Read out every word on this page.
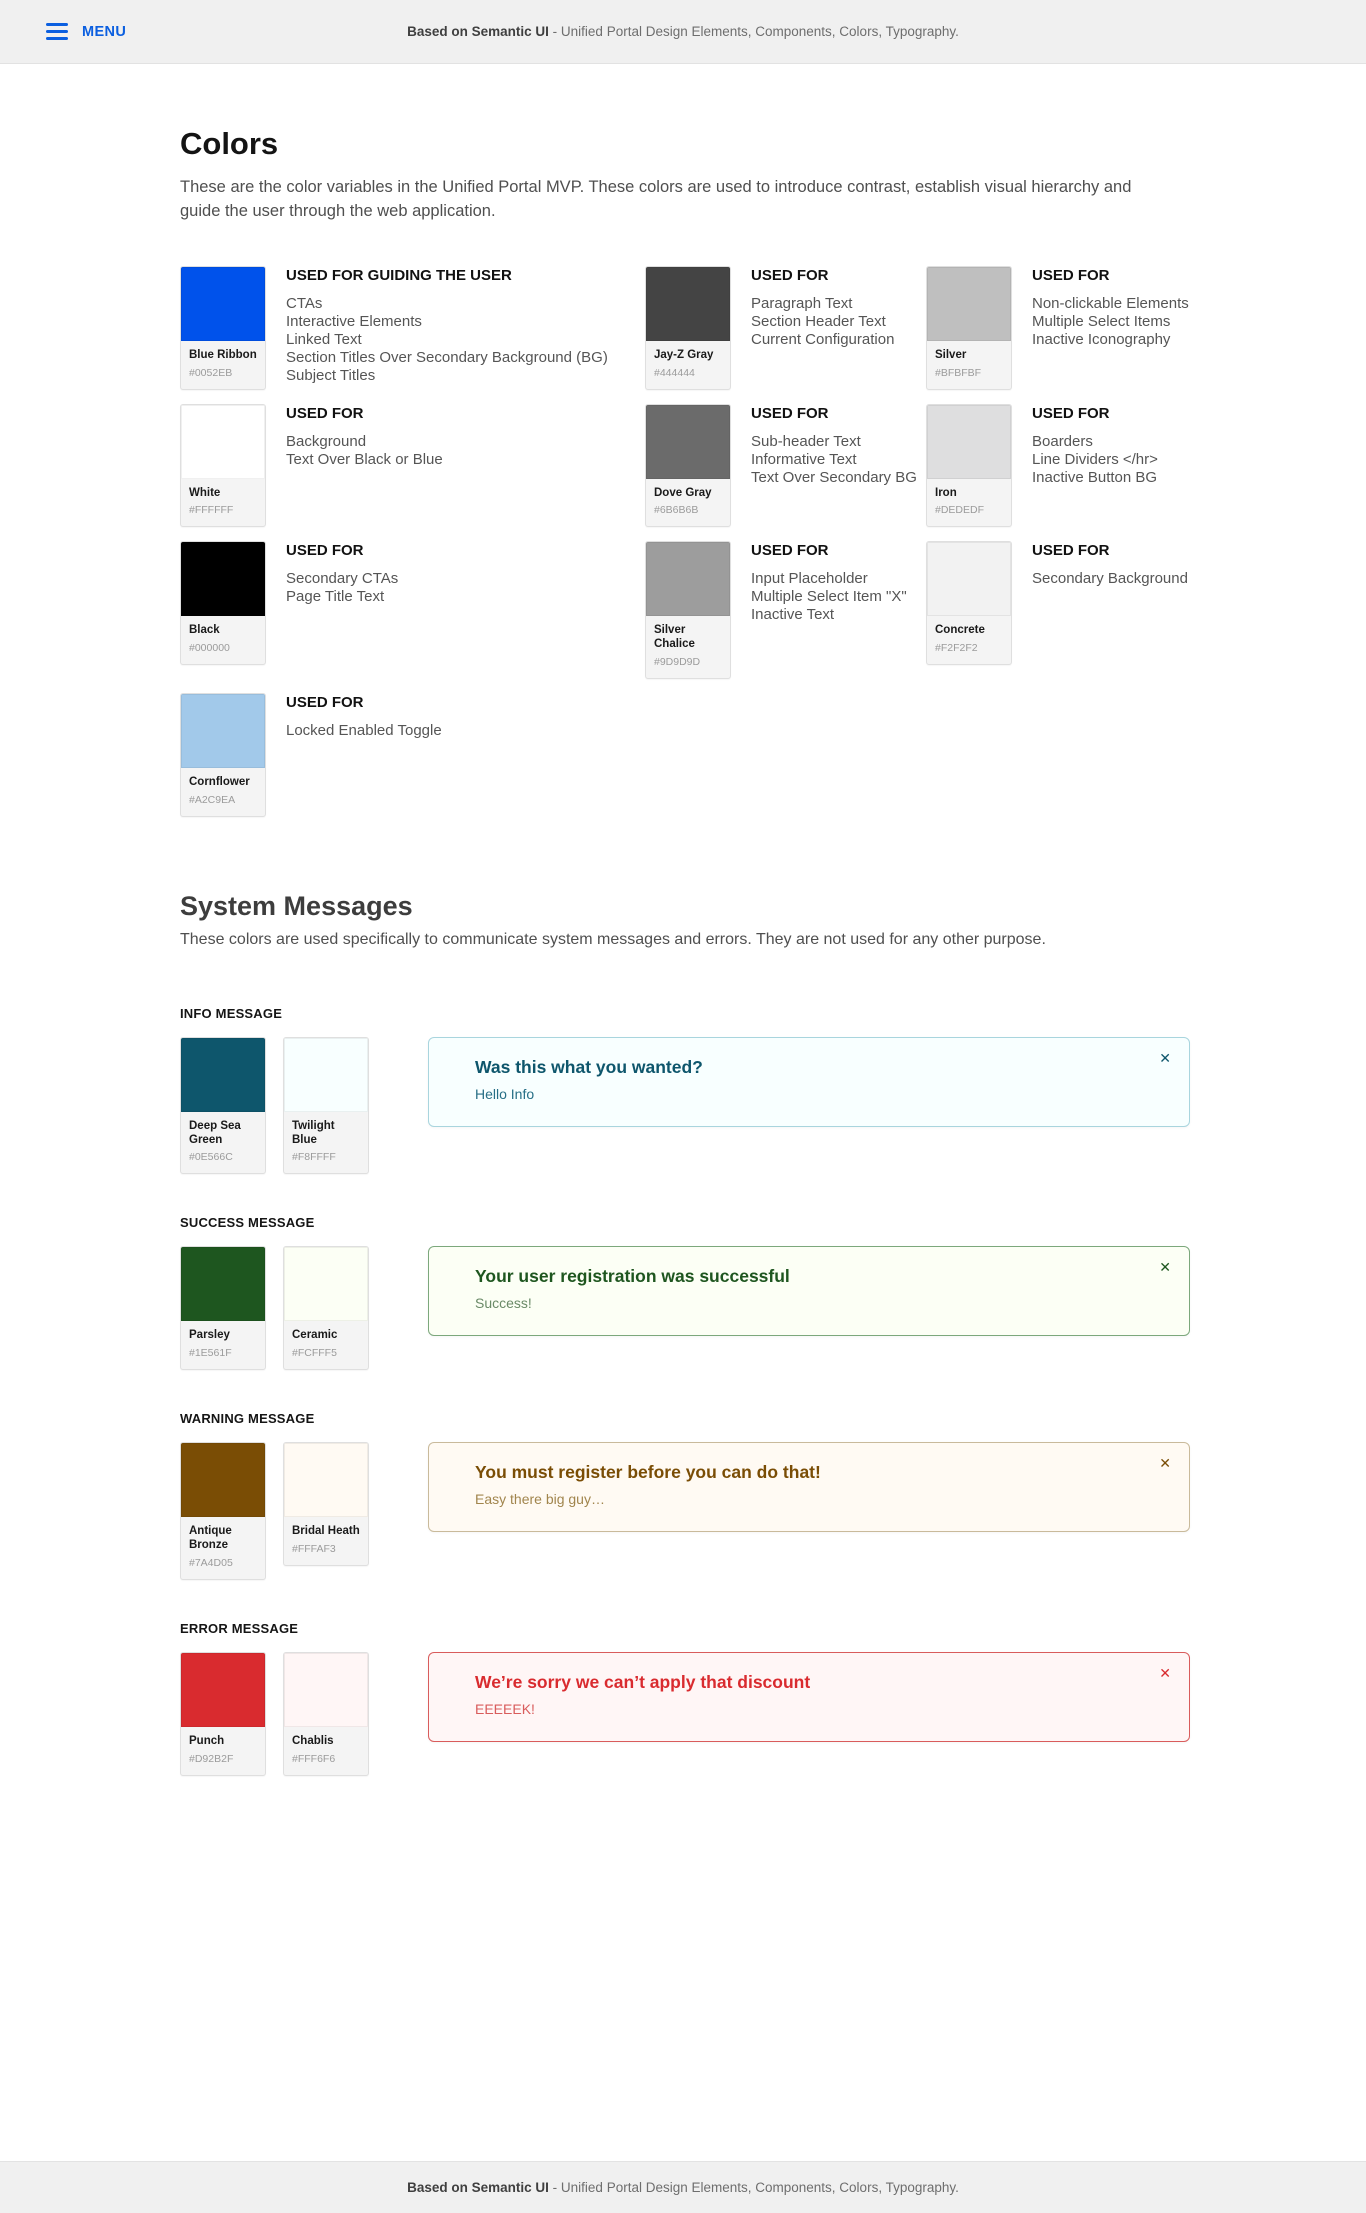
MENU	Based on Semantic UI - Unified Portal Design Elements, Components, Colors, Typography.
Colors

These are the color variables in the Unified Portal MVP. These colors are used to introduce contrast, establish visual hierarchy and guide the user through the web application.

Blue Ribbon
#0052EB
USED FOR GUIDING THE USER
CTAs
Interactive Elements
Linked Text
Section Titles Over Secondary Background (BG)
Subject Titles
Jay-Z Gray
#444444
USED FOR
Paragraph Text
Section Header Text
Current Configuration
Silver
#BFBFBF
USED FOR
Non-clickable Elements
Multiple Select Items
Inactive Iconography
White
#FFFFFF
USED FOR
Background
Text Over Black or Blue
Dove Gray
#6B6B6B
USED FOR
Sub-header Text
Informative Text
Text Over Secondary BG
Iron
#DEDEDF
USED FOR
Boarders
Line Dividers </hr>
Inactive Button BG
Black
#000000
USED FOR
Secondary CTAs
Page Title Text
Silver Chalice
#9D9D9D
USED FOR
Input Placeholder
Multiple Select Item "X"
Inactive Text
Concrete
#F2F2F2
USED FOR
Secondary Background
Cornflower
#A2C9EA
USED FOR
Locked Enabled Toggle
System Messages

These colors are used specifically to communicate system messages and errors. They are not used for any other purpose.

INFO MESSAGE
Deep Sea Green
#0E566C
Twilight Blue
#F8FFFF
✕
Was this what you wanted?
Hello Info
SUCCESS MESSAGE
Parsley
#1E561F
Ceramic
#FCFFF5
✕
Your user registration was successful
Success!
WARNING MESSAGE
Antique Bronze
#7A4D05
Bridal Heath
#FFFAF3
✕
You must register before you can do that!
Easy there big guy…
ERROR MESSAGE
Punch
#D92B2F
Chablis
#FFF6F6
✕
We’re sorry we can’t apply that discount
EEEEEK!
Based on Semantic UI - Unified Portal Design Elements, Components, Colors, Typography.
